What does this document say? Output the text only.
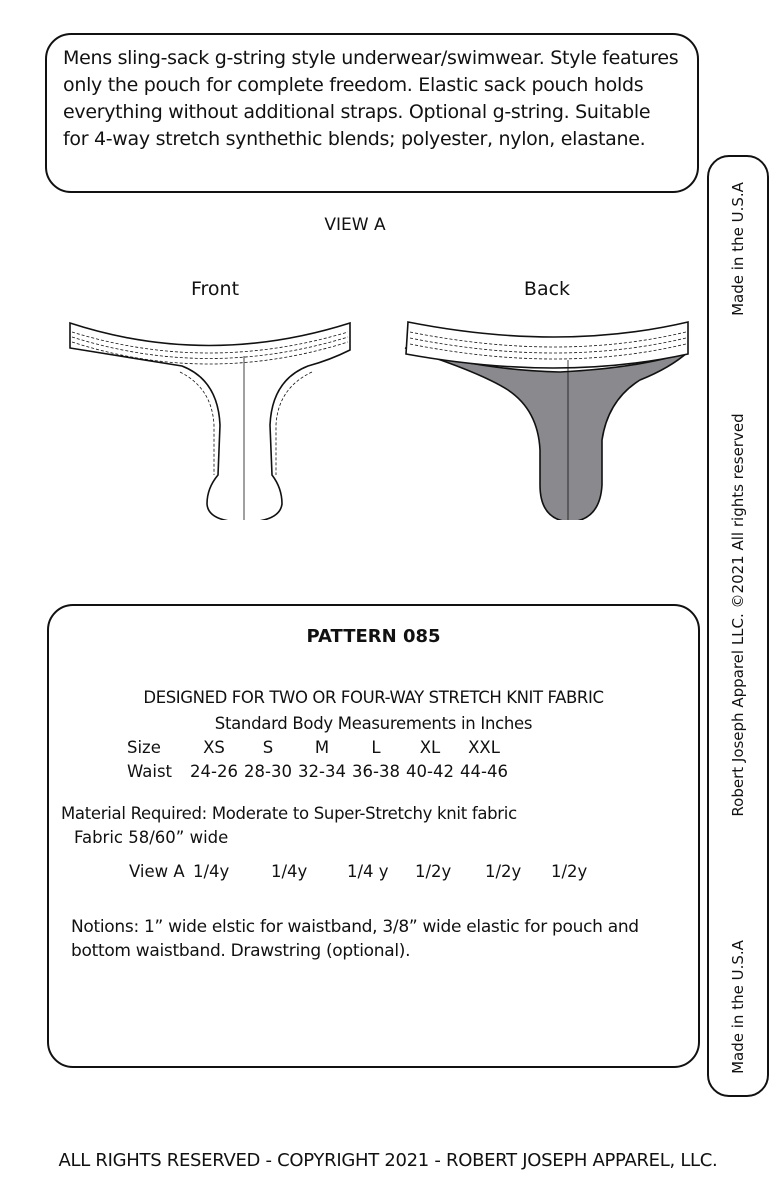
Mens sling-sack g-string style underwear/swimwear. Style features only the pouch for complete freedom. Elastic sack pouch holds everything without additional straps. Optional g-string. Suitable for 4-way stretch synthethic blends; polyester, nylon, elastane.
VIEW A
Front	Back
PATTERN 085
DESIGNED FOR TWO OR FOUR-WAY STRETCH KNIT FABRIC
Standard Body Measurements in Inches
Size	XS	S	M	L	XL	XXL
Waist	24-26 28-30 32-34 36-38 40-42 44-46
Material Required: Moderate to Super-Stretchy knit fabric
Fabric 58/60” wide
View A 1/4y	1/4y	1/4 y	1/2y	1/2y	1/2y
Notions: 1” wide elstic for waistband, 3/8” wide elastic for pouch and bottom waistband. Drawstring (optional).
Made in the U.S.A
Robert Joseph Apparel LLC. ©2021 All rights reserved
Made in the U.S.A
ALL RIGHTS RESERVED - COPYRIGHT 2021 - ROBERT JOSEPH APPAREL, LLC.
